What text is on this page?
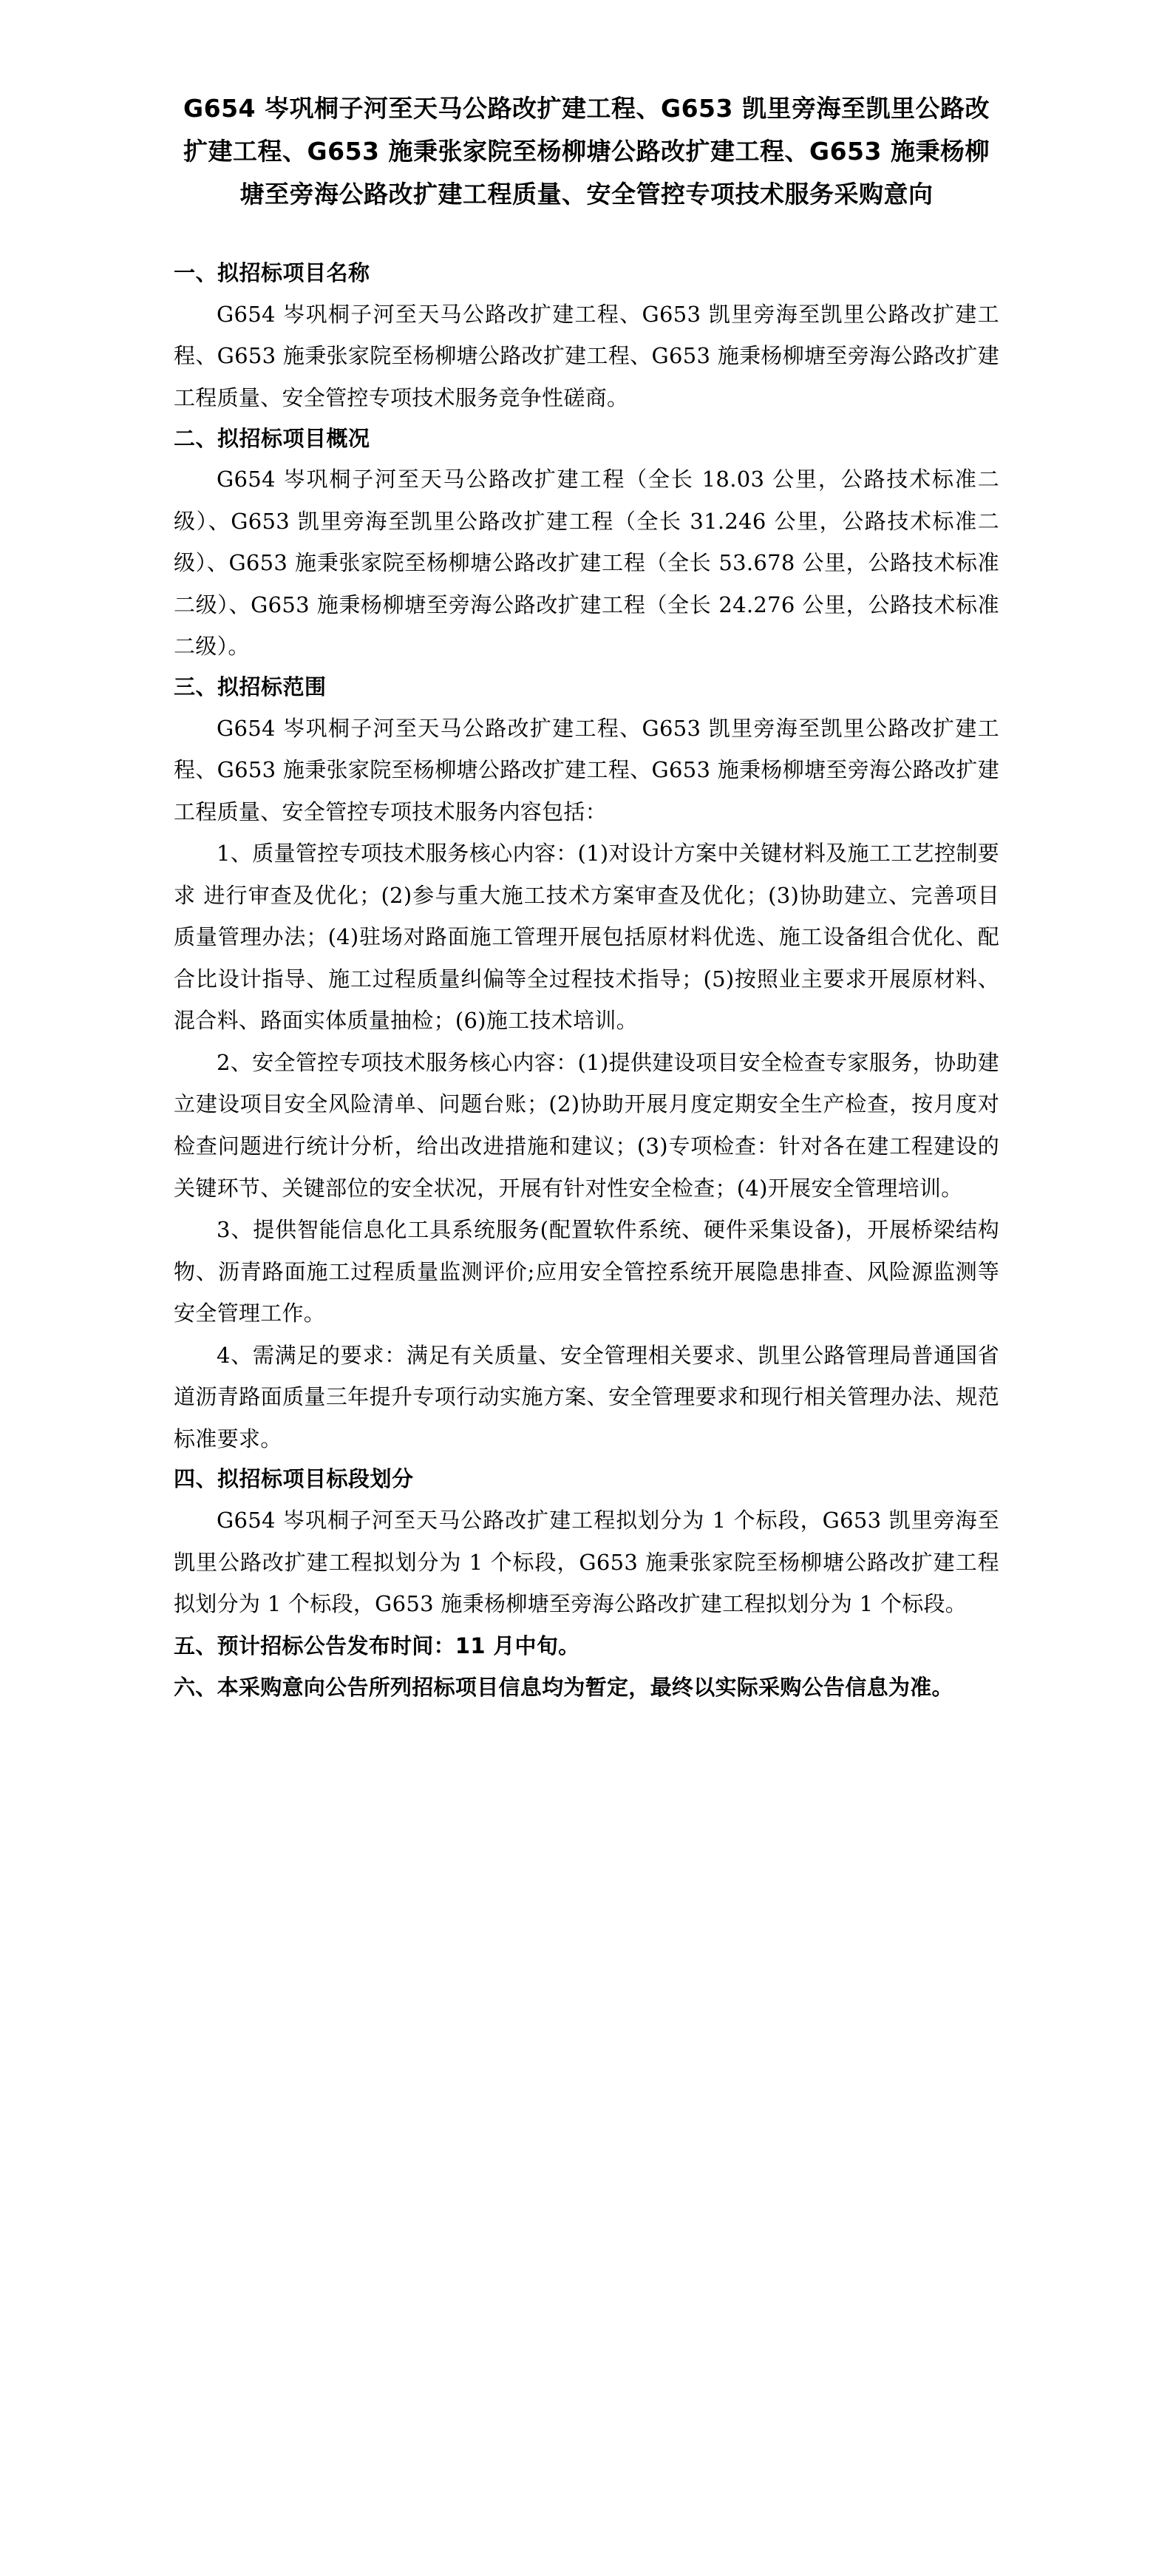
G654 岑巩桐子河至天马公路改扩建工程、G653 凯里旁海至凯里公路改扩建工程、G653 施秉张家院至杨柳塘公路改扩建工程、G653 施秉杨柳塘至旁海公路改扩建工程质量、安全管控专项技术服务采购意向

一、拟招标项目名称

G654 岑巩桐子河至天马公路改扩建工程、G653 凯里旁海至凯里公路改扩建工程、G653 施秉张家院至杨柳塘公路改扩建工程、G653 施秉杨柳塘至旁海公路改扩建工程质量、安全管控专项技术服务竞争性磋商。

二、拟招标项目概况

G654 岑巩桐子河至天马公路改扩建工程（全长 18.03 公里，公路技术标准二级）、G653 凯里旁海至凯里公路改扩建工程（全长 31.246 公里，公路技术标准二级）、G653 施秉张家院至杨柳塘公路改扩建工程（全长 53.678 公里，公路技术标准二级）、G653 施秉杨柳塘至旁海公路改扩建工程（全长 24.276 公里，公路技术标准二级）。

三、拟招标范围

G654 岑巩桐子河至天马公路改扩建工程、G653 凯里旁海至凯里公路改扩建工程、G653 施秉张家院至杨柳塘公路改扩建工程、G653 施秉杨柳塘至旁海公路改扩建工程质量、安全管控专项技术服务内容包括：

1、质量管控专项技术服务核心内容：(1)对设计方案中关键材料及施工工艺控制要求 进行审查及优化；(2)参与重大施工技术方案审查及优化；(3)协助建立、完善项目质量管理办法；(4)驻场对路面施工管理开展包括原材料优选、施工设备组合优化、配合比设计指导、施工过程质量纠偏等全过程技术指导；(5)按照业主要求开展原材料、混合料、路面实体质量抽检；(6)施工技术培训。

2、安全管控专项技术服务核心内容：(1)提供建设项目安全检查专家服务，协助建立建设项目安全风险清单、问题台账；(2)协助开展月度定期安全生产检查，按月度对检查问题进行统计分析，给出改进措施和建议；(3)专项检查：针对各在建工程建设的关键环节、关键部位的安全状况，开展有针对性安全检查；(4)开展安全管理培训。

3、提供智能信息化工具系统服务(配置软件系统、硬件采集设备)，开展桥梁结构物、沥青路面施工过程质量监测评价;应用安全管控系统开展隐患排查、风险源监测等安全管理工作。

4、需满足的要求：满足有关质量、安全管理相关要求、凯里公路管理局普通国省道沥青路面质量三年提升专项行动实施方案、安全管理要求和现行相关管理办法、规范标准要求。

四、拟招标项目标段划分

G654 岑巩桐子河至天马公路改扩建工程拟划分为 1 个标段，G653 凯里旁海至凯里公路改扩建工程拟划分为 1 个标段，G653 施秉张家院至杨柳塘公路改扩建工程拟划分为 1 个标段，G653 施秉杨柳塘至旁海公路改扩建工程拟划分为 1 个标段。

五、预计招标公告发布时间：11 月中旬。

六、本采购意向公告所列招标项目信息均为暂定，最终以实际采购公告信息为准。
